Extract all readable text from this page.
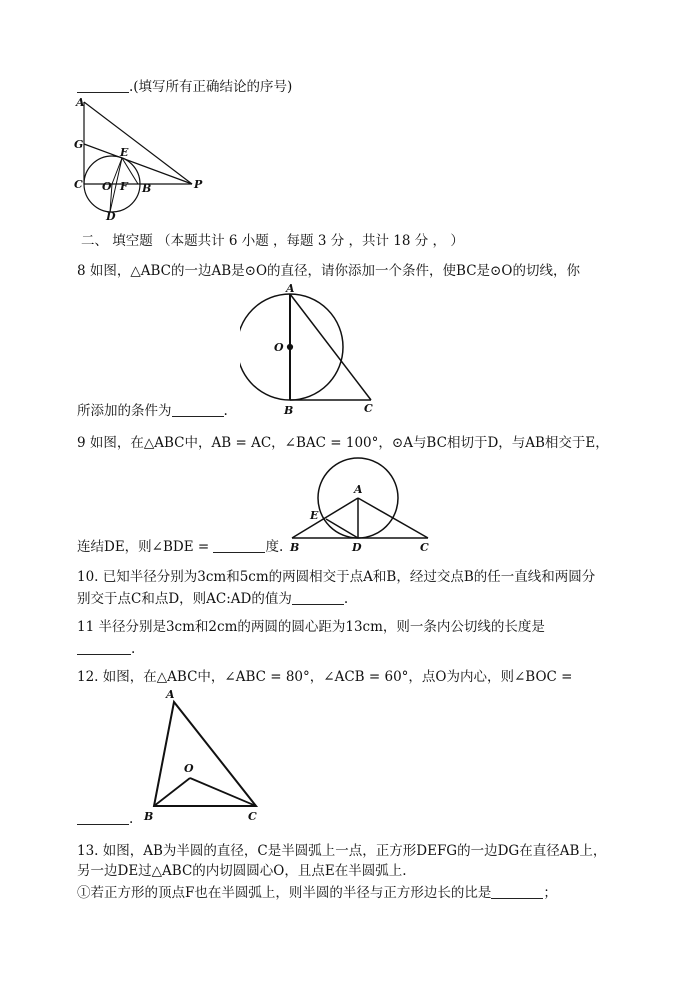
.(填写所有正确结论的序号)
A
G
E
C O F B	P
D
二、 填空题 （本题共计 6 小题 ，每题 3 分 ，共计 18 分 ， ）
8 如图，△ABC的一边AB是⊙O的直径，请你添加一个条件，使BC是⊙O的切线，你
A
O
B	C
所添加的条件为	.
9 如图，在△ABC中，AB = AC，∠BAC = 100°，⊙A与BC相切于D，与AB相交于E，
A
E
B	D	C
连结DE，则∠BDE =	度.
10. 已知半径分别为3cm和5cm的两圆相交于点A和B，经过交点B的任一直线和两圆分
别交于点C和点D，则AC:AD的值为	.
11 半径分别是3cm和2cm的两圆的圆心距为13cm，则一条内公切线的长度是
.
12. 如图，在△ABC中，∠ABC = 80°，∠ACB = 60°，点O为内心，则∠BOC =
A
O
B	C
.
13. 如图，AB为半圆的直径，C是半圆弧上一点，正方形DEFG的一边DG在直径AB上，
另一边DE过△ABC的内切圆圆心O，且点E在半圆弧上.
①若正方形的顶点F也在半圆弧上，则半圆的半径与正方形边长的比是	；
